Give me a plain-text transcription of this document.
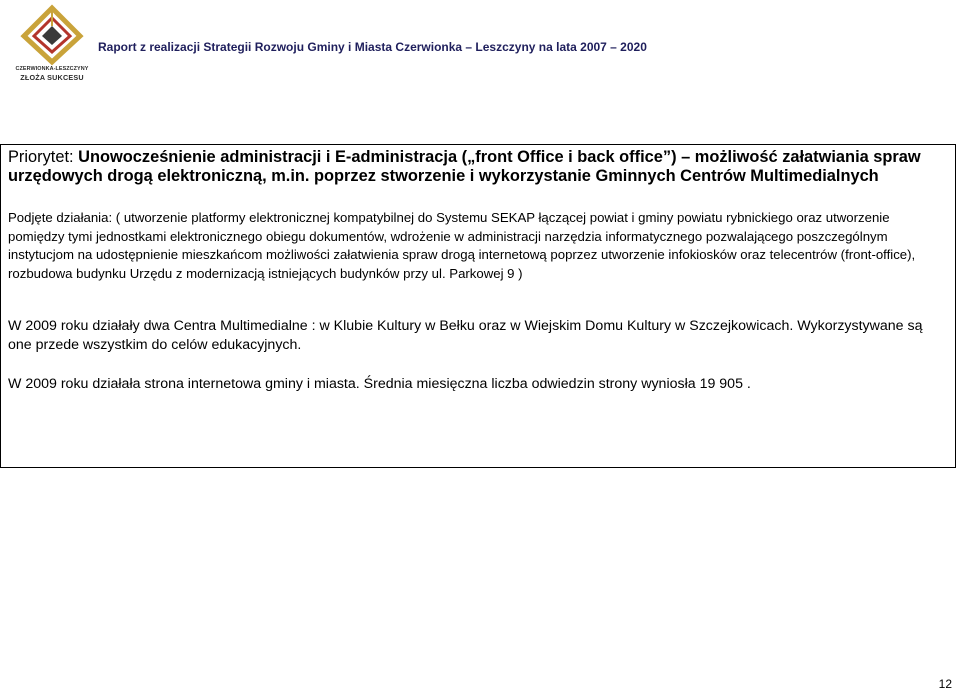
CZERWIONKA-LESZCZYNY
ZŁOŻA SUKCESU
Raport z realizacji Strategii Rozwoju Gminy i Miasta Czerwionka – Leszczyny na lata 2007 – 2020
Priorytet: Unowocześnienie administracji i E-administracja („front Office i back office”) – możliwość załatwiania spraw urzędowych drogą elektroniczną, m.in. poprzez stworzenie i wykorzystanie Gminnych Centrów Multimedialnych
Podjęte działania: ( utworzenie platformy elektronicznej kompatybilnej do Systemu SEKAP łączącej powiat i gminy powiatu rybnickiego oraz utworzenie pomiędzy tymi jednostkami elektronicznego obiegu dokumentów, wdrożenie w administracji narzędzia informatycznego pozwalającego poszczególnym instytucjom na udostępnienie mieszkańcom możliwości załatwienia spraw drogą internetową poprzez utworzenie infokiosków oraz telecentrów (front-office), rozbudowa budynku Urzędu z modernizacją istniejących budynków przy ul. Parkowej 9 )
W 2009 roku działały dwa Centra Multimedialne : w Klubie Kultury w Bełku oraz w Wiejskim Domu Kultury w Szczejkowicach. Wykorzystywane są one przede wszystkim do celów edukacyjnych.
W 2009 roku działała strona internetowa gminy i miasta. Średnia miesięczna liczba odwiedzin strony wyniosła 19 905 .
12
